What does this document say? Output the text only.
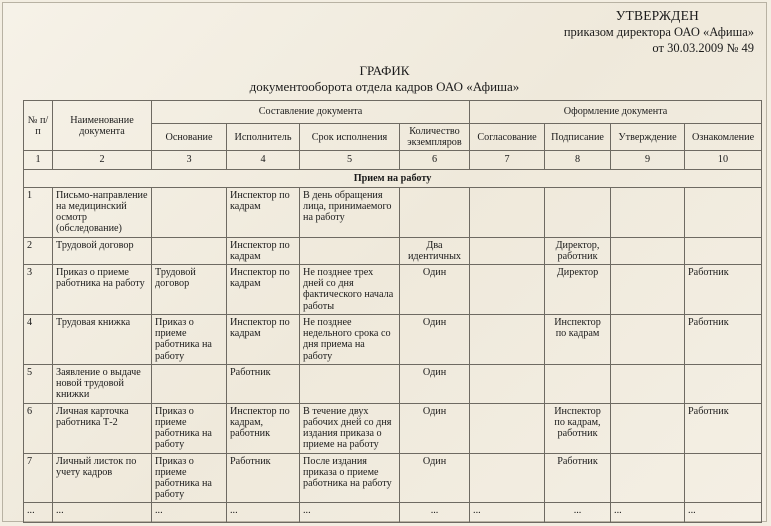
УТВЕРЖДЕН
приказом директора ОАО «Афиша»
от 30.03.2009 № 49
ГРАФИК
документооборота отдела кадров ОАО «Афиша»
№ п/п	Наименование документа	Составление документа				Оформление документа			
		Основание	Исполнитель	Срок исполнения	Количество экземпляров	Согласование	Подписание	Утверждение	Ознакомление
1	2	3	4	5	6	7	8	9	10
Прием на работу									
1	Письмо-направление на медицинский осмотр (обследование)		Инспектор по кадрам	В день обращения лица, принимаемого на работу					
2	Трудовой договор		Инспектор по кадрам		Два идентичных		Директор, работник		
3	Приказ о приеме работника на работу	Трудовой договор	Инспектор по кадрам	Не позднее трех дней со дня фактического начала работы	Один		Директор		Работник
4	Трудовая книжка	Приказ о приеме работника на работу	Инспектор по кадрам	Не позднее недельного срока со дня приема на работу	Один		Инспектор по кадрам		Работник
5	Заявление о выдаче новой трудовой книжки		Работник		Один				
6	Личная карточка работника Т-2	Приказ о приеме работника на работу	Инспектор по кадрам, работник	В течение двух рабочих дней со дня издания приказа о приеме на работу	Один		Инспектор по кадрам, работник		Работник
7	Личный листок по учету кадров	Приказ о приеме работника на работу	Работник	После издания приказа о приеме работника на работу	Один		Работник		
...	...	...	...	...	...	...	...	...	...
